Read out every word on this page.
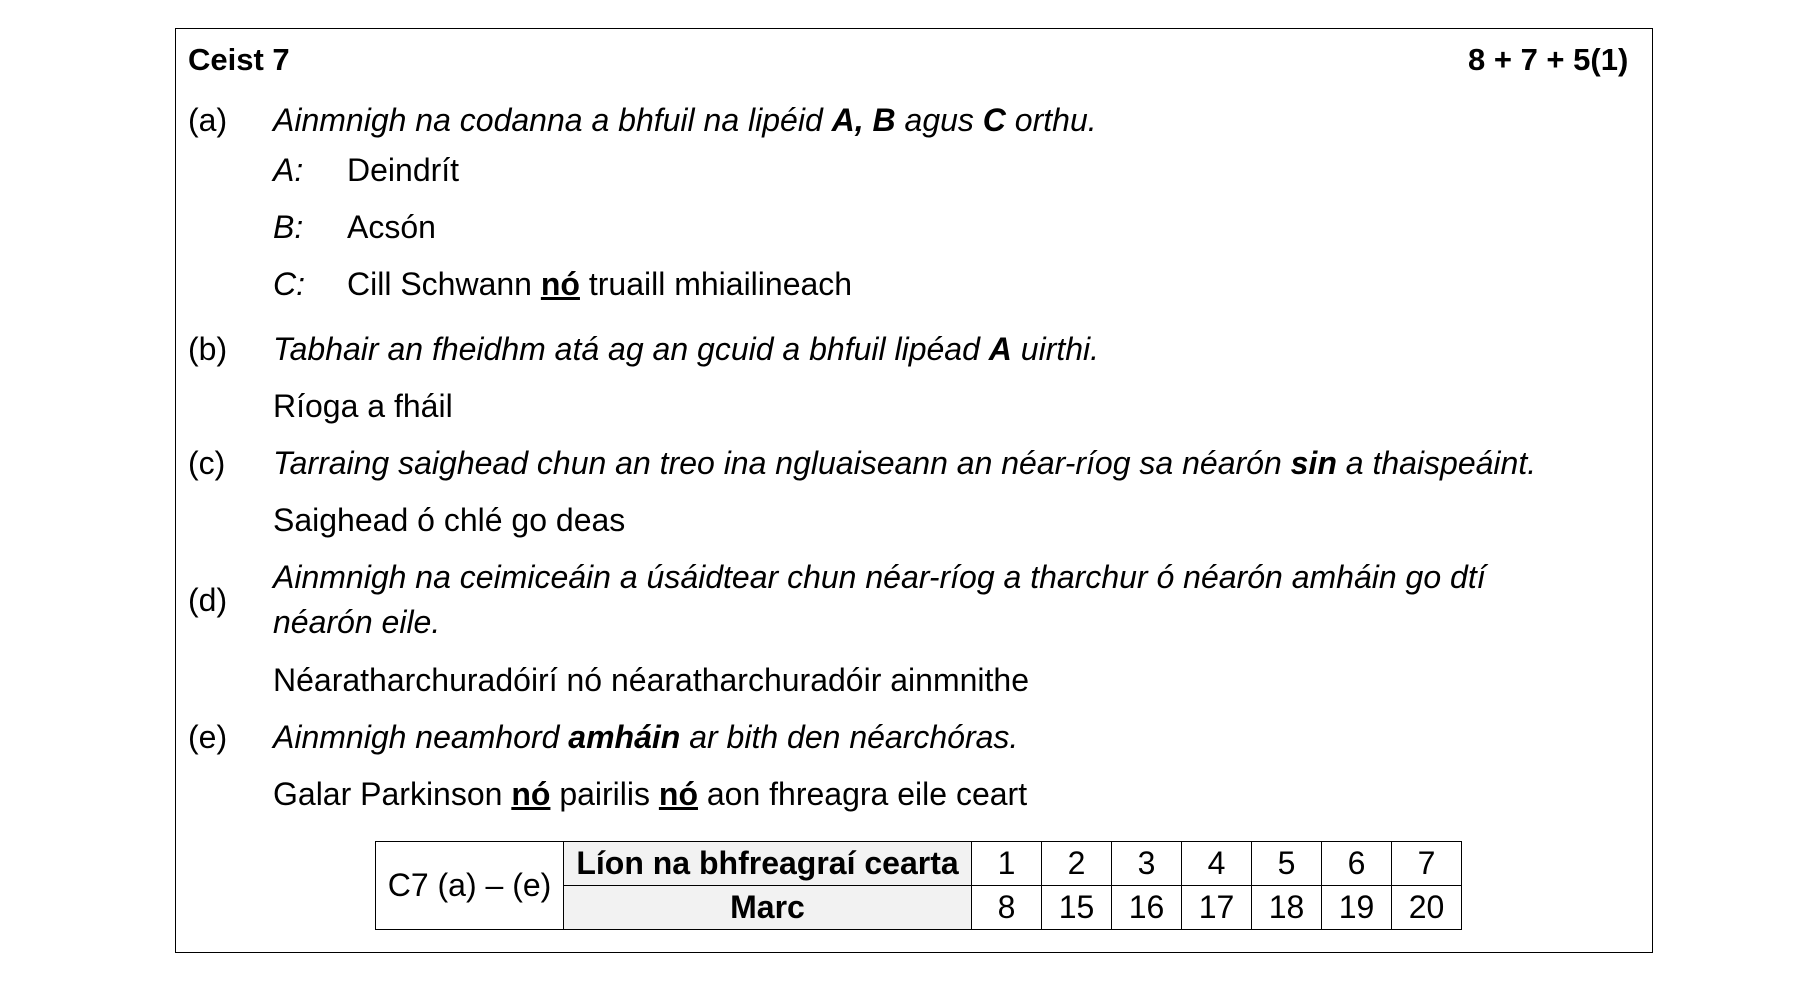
Ceist 7	8 + 7 + 5(1)
(a) Ainmnigh na codanna a bhfuil na lipéid A, B agus C orthu.
A: Deindrít
B: Acsón
C: Cill Schwann nó truaill mhiailineach
(b) Tabhair an fheidhm atá ag an gcuid a bhfuil lipéad A uirthi.
Ríoga a fháil
(c) Tarraing saighead chun an treo ina ngluaiseann an néar-ríog sa néarón sin a thaispeáint.
Saighead ó chlé go deas
(d)
Ainmnigh na ceimiceáin a úsáidtear chun néar-ríog a tharchur ó néarón amháin go dtí
néarón eile.
Néaratharchuradóirí nó néaratharchuradóir ainmnithe
(e) Ainmnigh neamhord amháin ar bith den néarchóras.
Galar Parkinson nó pairilis nó aon fhreagra eile ceart
C7 (a) – (e)	Líon na bhfreagraí cearta	1	2	3	4	5	6	7
	Marc	8	15	16	17	18	19	20
